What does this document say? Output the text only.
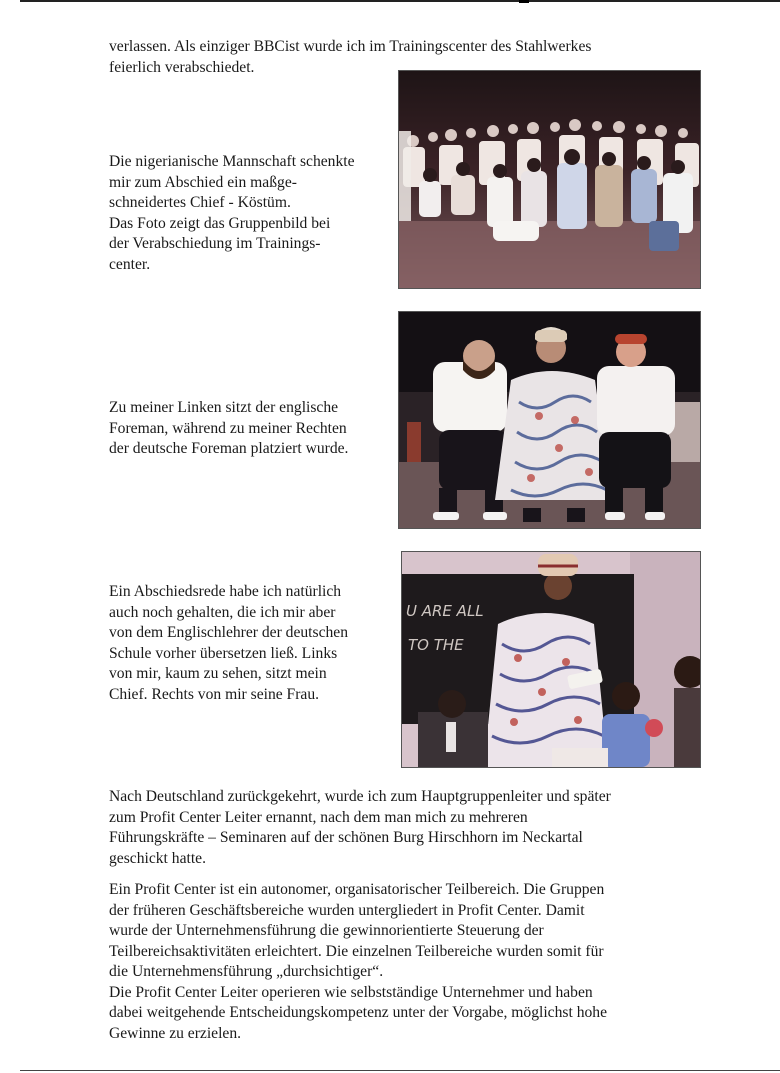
verlassen. Als einziger BBCist wurde ich im Trainingscenter des Stahlwerkes
feierlich verabschiedet.

Die nigerianische Mannschaft schenkte
mir zum Abschied ein maßge-
schneidertes Chief - Köstüm.
Das Foto zeigt das Gruppenbild bei
der Verabschiedung im Trainings-
center.

Zu meiner Linken sitzt der englische
Foreman, während zu meiner Rechten
der deutsche Foreman platziert wurde.

U ARE ALL
TO THE

Ein Abschiedsrede habe ich natürlich
auch noch gehalten, die ich mir aber
von dem Englischlehrer der deutschen
Schule vorher übersetzen ließ. Links
von mir, kaum zu sehen, sitzt mein
Chief. Rechts von mir seine Frau.

Nach Deutschland zurückgekehrt, wurde ich zum Hauptgruppenleiter und später
zum Profit Center Leiter ernannt, nach dem man mich zu mehreren
Führungskräfte – Seminaren auf der schönen Burg Hirschhorn im Neckartal
geschickt hatte.

Ein Profit Center ist ein autonomer, organisatorischer Teilbereich. Die Gruppen
der früheren Geschäftsbereiche wurden untergliedert in Profit Center. Damit
wurde der Unternehmensführung die gewinnorientierte Steuerung der
Teilbereichsaktivitäten erleichtert. Die einzelnen Teilbereiche wurden somit für
die Unternehmensführung „durchsichtiger“.
Die Profit Center Leiter operieren wie selbstständige Unternehmer und haben
dabei weitgehende Entscheidungskompetenz unter der Vorgabe, möglichst hohe
Gewinne zu erzielen.
